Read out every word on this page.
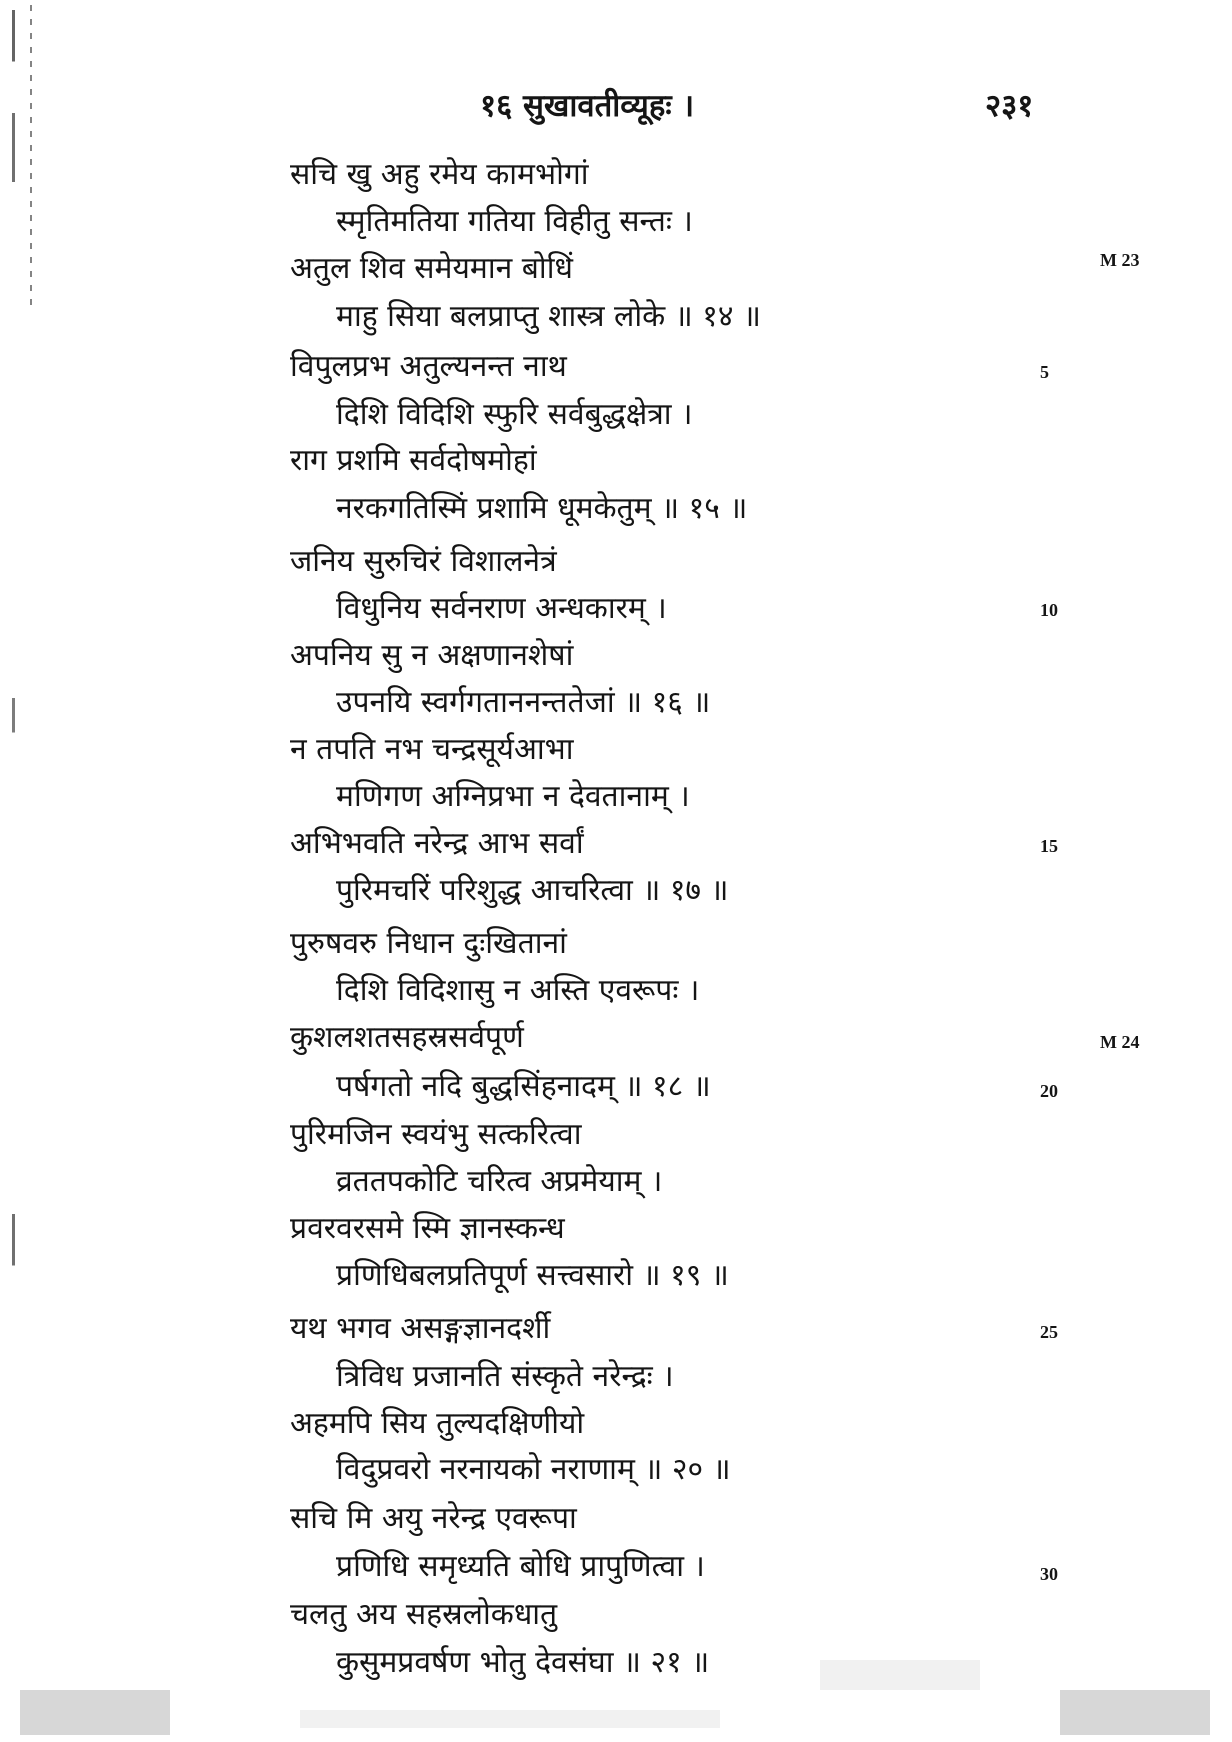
१६ सुखावतीव्यूहः ।	२३१
सचि खु अहु रमेय कामभोगां
स्मृतिमतिया गतिया विहीतु सन्तः ।
अतुल शिव समेयमान बोधिं
माहु सिया बलप्राप्तु शास्त्र लोके ॥ १४ ॥
विपुलप्रभ अतुल्यनन्त नाथ
दिशि विदिशि स्फुरि सर्वबुद्धक्षेत्रा ।
राग प्रशमि सर्वदोषमोहां
नरकगतिस्मिं प्रशामि धूमकेतुम् ॥ १५ ॥
जनिय सुरुचिरं विशालनेत्रं
विधुनिय सर्वनराण अन्धकारम् ।
अपनिय सु न अक्षणानशेषां
उपनयि स्वर्गगताननन्ततेजां ॥ १६ ॥
न तपति नभ चन्द्रसूर्यआभा
मणिगण अग्निप्रभा न देवतानाम् ।
अभिभवति नरेन्द्र आभ सर्वां
पुरिमचरिं परिशुद्ध आचरित्वा ॥ १७ ॥
पुरुषवरु निधान दुःखितानां
दिशि विदिशासु न अस्ति एवरूपः ।
कुशलशतसहस्रसर्वपूर्ण
पर्षगतो नदि बुद्धसिंहनादम् ॥ १८ ॥
पुरिमजिन स्वयंभु सत्करित्वा
व्रततपकोटि चरित्व अप्रमेयाम् ।
प्रवरवरसमे स्मि ज्ञानस्कन्ध
प्रणिधिबलप्रतिपूर्ण सत्त्वसारो ॥ १९ ॥
यथ भगव असङ्गज्ञानदर्शी
त्रिविध प्रजानति संस्कृते नरेन्द्रः ।
अहमपि सिय तुल्यदक्षिणीयो
विदुप्रवरो नरनायको नराणाम् ॥ २० ॥
सचि मि अयु नरेन्द्र एवरूपा
प्रणिधि समृध्यति बोधि प्रापुणित्वा ।
चलतु अय सहस्रलोकधातु
कुसुमप्रवर्षण भोतु देवसंघा ॥ २१ ॥
5
10
15
20
25
30
M 23
M 24
